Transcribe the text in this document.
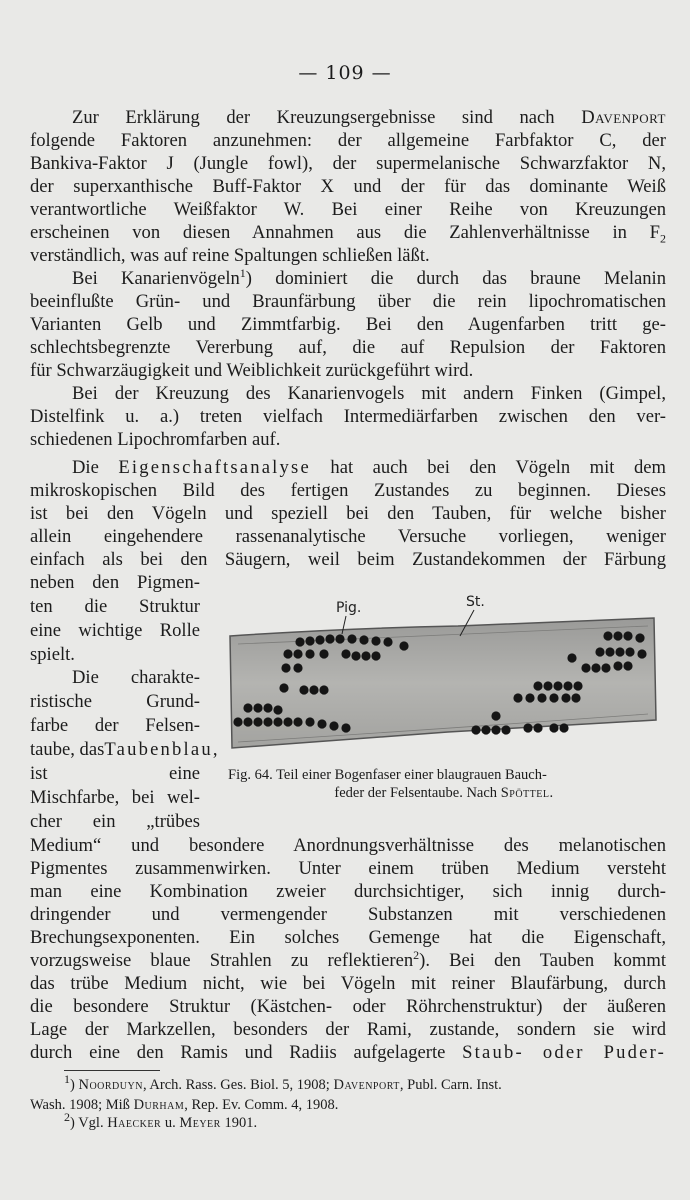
— 109 —
Zur Erklärung der Kreuzungsergebnisse sind nach Davenport
folgende Faktoren anzunehmen: der allgemeine Farbfaktor C, der
Bankiva-Faktor J (Jungle fowl), der supermelanische Schwarzfaktor N,
der superxanthische Buff-Faktor X und der für das dominante Weiß
verantwortliche Weißfaktor W. Bei einer Reihe von Kreuzungen
erscheinen von diesen Annahmen aus die Zahlenverhältnisse in $F_2$
verständlich, was auf reine Spaltungen schließen läßt.
Bei Kanarienvögeln$^1$) dominiert die durch das braune Melanin
beeinflußte Grün- und Braunfärbung über die rein lipochromatischen
Varianten Gelb und Zimmtfarbig. Bei den Augenfarben tritt ge-
schlechtsbegrenzte Vererbung auf, die auf Repulsion der Faktoren
für Schwarzäugigkeit und Weiblichkeit zurückgeführt wird.
Bei der Kreuzung des Kanarienvogels mit andern Finken (Gimpel,
Distelfink u. a.) treten vielfach Intermediärfarben zwischen den ver-
schiedenen Lipochromfarben auf.
Die Eigenschaftsanalyse hat auch bei den Vögeln mit dem
mikroskopischen Bild des fertigen Zustandes zu beginnen. Dieses
ist bei den Vögeln und speziell bei den Tauben, für welche bisher
allein eingehendere rassenanalytische Versuche vorliegen, weniger
einfach als bei den Säugern, weil beim Zustandekommen der Färbung
neben den Pigmen-
ten die Struktur
eine wichtige Rolle
spielt.
Die charakte-
ristische Grund-
farbe der Felsen-
taube, dasTaubenblau,
ist eine
Mischfarbe, bei wel-
cher ein „trübes
Medium“ und besondere Anordnungsverhältnisse des melanotischen
Pigmentes zusammenwirken. Unter einem trüben Medium versteht
man eine Kombination zweier durchsichtiger, sich innig durch-
dringender und vermengender Substanzen mit verschiedenen
Brechungsexponenten. Ein solches Gemenge hat die Eigenschaft,
vorzugsweise blaue Strahlen zu reflektieren$^2$). Bei den Tauben kommt
das trübe Medium nicht, wie bei Vögeln mit reiner Blaufärbung, durch
die besondere Struktur (Kästchen- oder Röhrchenstruktur) der äußeren
Lage der Markzellen, besonders der Rami, zustande, sondern sie wird
durch eine den Ramis und Radiis aufgelagerte Staub- oder Puder-
Pig.	St.
Fig. 64. Teil einer Bogenfaser einer blaugrauen Bauch-
feder der Felsentaube. Nach Spöttel.
$^1$) Noorduyn, Arch. Rass. Ges. Biol. 5, 1908; Davenport, Publ. Carn. Inst.
Wash. 1908; Miß Durham, Rep. Ev. Comm. 4, 1908.
$^2$) Vgl. Haecker u. Meyer 1901.
